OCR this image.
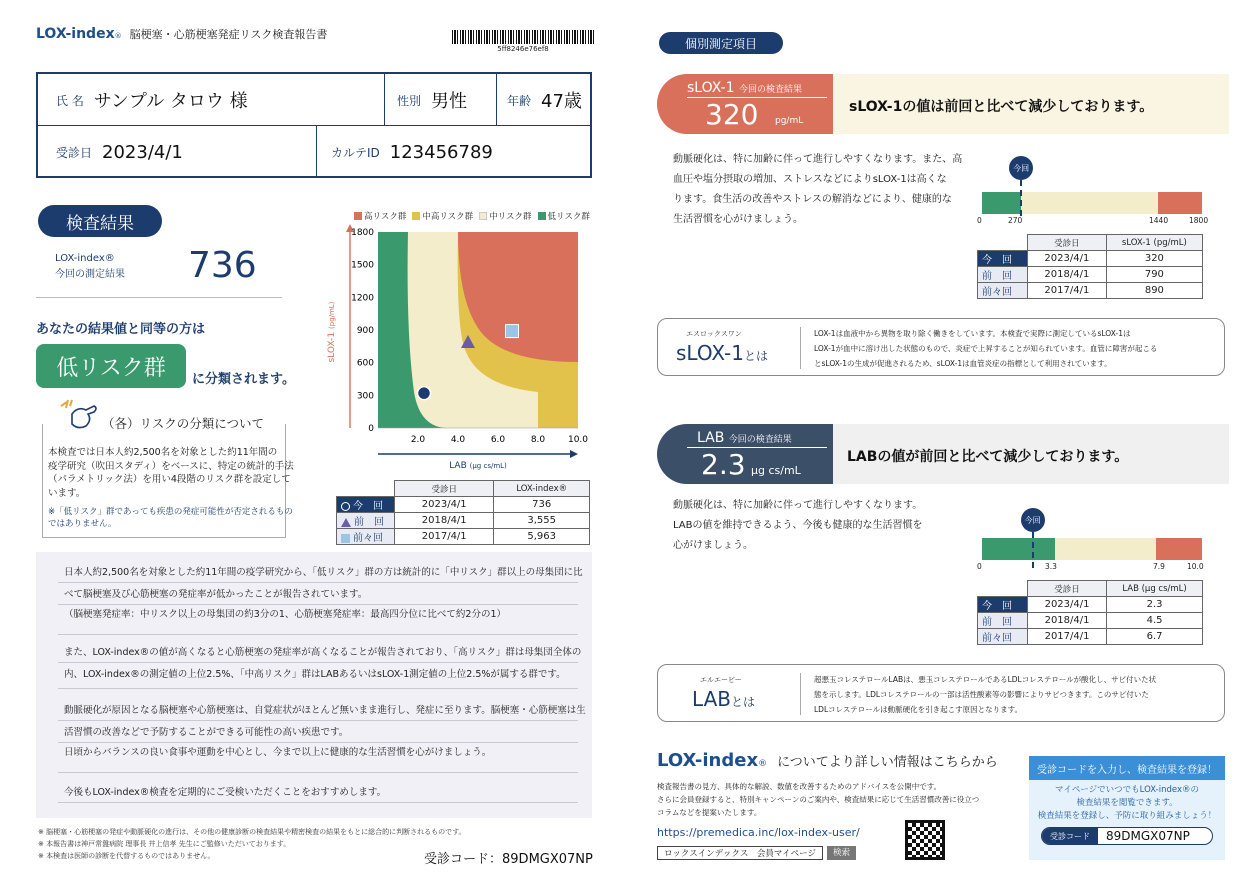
LOX-index ® 脳梗塞・心筋梗塞発症リスク検査報告書
5ff8246e76ef8
氏 名 サンプル タロウ 様	性別 男性	年齢 47歳
受診日 2023/4/1	カルテID 123456789
検査結果
LOX-index®
今回の測定結果 736
あなたの結果値と同等の方は
低リスク群	に分類されます。
（各）リスクの分類について
本検査では日本人約2,500名を対象とした約11年間の
疫学研究（吹田スタディ）をベースに、特定の統計的手法
（パラメトリック法）を用い4段階のリスク群を設定して
います。
※「低リスク」群であっても疾患の発症可能性が否定されるもの
ではありません。
高リスク群 中高リスク群 中リスク群 低リスク群
0
300
600
900
1200
1500
1800
2.0	4.0	6.0	8.0	10.0
sLOX-1 (pg/mL)
LAB (μg cs/mL)
	受診日	LOX-index®
今　回	2023/4/1	736
前　回	2018/4/1	3,555
前々回	2017/4/1	5,963
日本人約2,500名を対象とした約11年間の疫学研究から、「低リスク」群の方は統計的に「中リスク」群以上の母集団に比
べて脳梗塞及び心筋梗塞の発症率が低かったことが報告されています。
（脳梗塞発症率：中リスク以上の母集団の約3分の1、心筋梗塞発症率：最高四分位に比べて約2分の1）
また、LOX-index®の値が高くなると心筋梗塞の発症率が高くなることが報告されており、「高リスク」群は母集団全体の
内、LOX-index®の測定値の上位2.5%、「中高リスク」群はLABあるいはsLOX-1測定値の上位2.5%が属する群です。
動脈硬化が原因となる脳梗塞や心筋梗塞は、自覚症状がほとんど無いまま進行し、発症に至ります。脳梗塞・心筋梗塞は生
活習慣の改善などで予防することができる可能性の高い疾患です。
日頃からバランスの良い食事や運動を中心とし、今まで以上に健康的な生活習慣を心がけましょう。
今後もLOX-index®検査を定期的にご受検いただくことをおすすめします。
※ 脳梗塞・心筋梗塞の発症や動脈硬化の進行は、その他の健康診断の検査結果や精密検査の結果をもとに総合的に判断されるものです。
※ 本報告書は神戸常盤病院 理事長 井上信孝 先生にご監修いただいております。
※ 本検査は医師の診断を代替するものではありません。	受診コード：89DMGX07NP
個別測定項目
sLOX-1 今回の検査結果
320 pg/mL
sLOX-1の値は前回と比べて減少しております。
動脈硬化は、特に加齢に伴って進行しやすくなります。また、高
血圧や塩分摂取の増加、ストレスなどによりsLOX-1は高くな
ります。食生活の改善やストレスの解消などにより、健康的な
生活習慣を心がけましょう。
今回
0	270	1440	1800
	受診日	sLOX-1 (pg/mL)
今　回	2023/4/1	320
前　回	2018/4/1	790
前々回	2017/4/1	890
エスロックスワン
sLOX-1とは
LOX-1は血液中から異物を取り除く働きをしています。本検査で実際に測定しているsLOX-1は
LOX-1が血中に溶け出した状態のもので、炎症で上昇することが知られています。血管に障害が起こる
とsLOX-1の生成が促進されるため、sLOX-1は血管炎症の指標として利用されています。
LAB 今回の検査結果
2.3 μg cs/mL
LABの値が前回と比べて減少しております。
動脈硬化は、特に加齢に伴って進行しやすくなります。
LABの値を維持できるよう、今後も健康的な生活習慣を
心がけましょう。
今回
0	3.3	7.9	10.0
	受診日	LAB (μg cs/mL)
今　回	2023/4/1	2.3
前　回	2018/4/1	4.5
前々回	2017/4/1	6.7
エルエービー
LABとは
超悪玉コレステロールLABは、悪玉コレステロールであるLDLコレステロールが酸化し、サビ付いた状
態を示します。LDLコレステロールの一部は活性酸素等の影響によりサビつきます。このサビ付いた
LDLコレステロールは動脈硬化を引き起こす原因となります。
LOX-index ® についてより詳しい情報はこちらから
検査報告書の見方、具体的な解説、数値を改善するためのアドバイスを公開中です。
さらに会員登録すると、特別キャンペーンのご案内や、検査結果に応じて生活習慣改善に役立つ
コラムなどを提案いたします。
https://premedica.inc/lox-index-user/
ロックスインデックス　会員マイページ	検索
受診コードを入力し、検査結果を登録！
マイページでいつでもLOX-index®の
検査結果を閲覧できます。
検査結果を登録し、予防に取り組みましょう！
受診コード	89DMGX07NP
